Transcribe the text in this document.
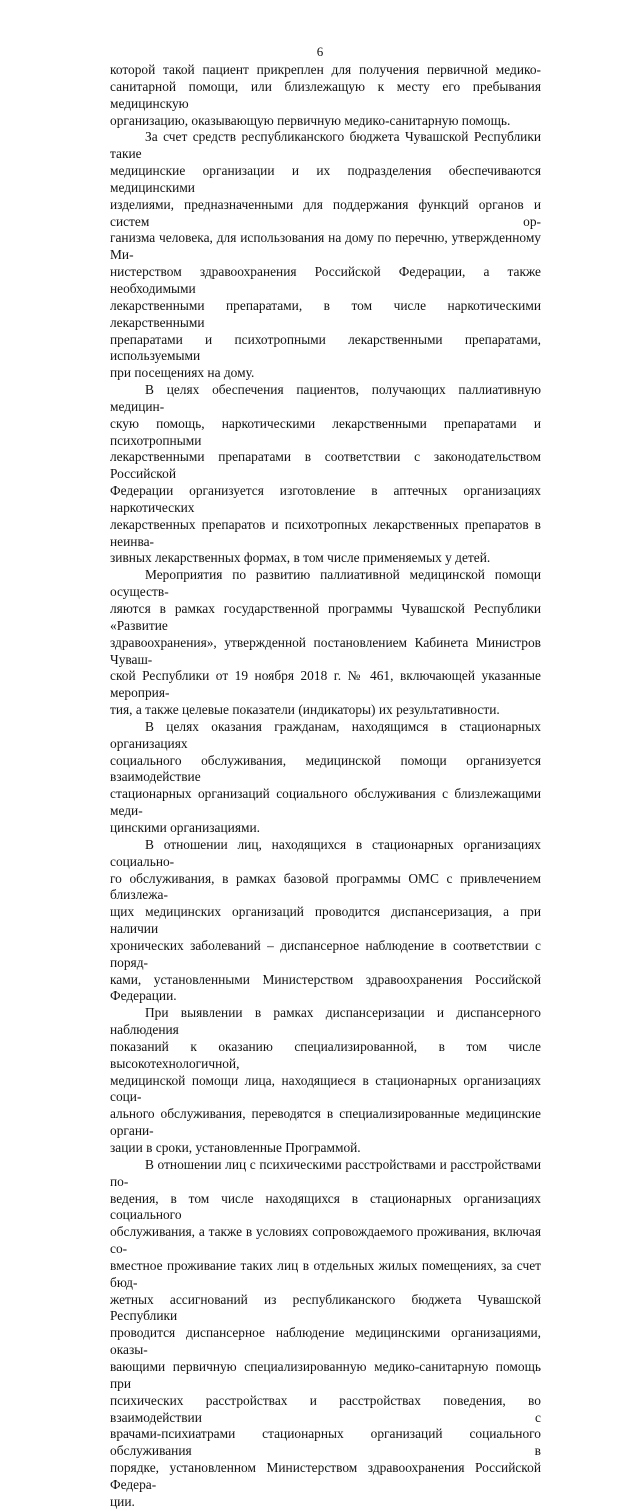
6

которой такой пациент прикреплен для получения первичной медико-
санитарной помощи, или близлежащую к месту его пребывания медицинскую
организацию, оказывающую первичную медико-санитарную помощь.

За счет средств республиканского бюджета Чувашской Республики такие
медицинские организации и их подразделения обеспечиваются медицинскими
изделиями, предназначенными для поддержания функций органов и систем ор-
ганизма человека, для использования на дому по перечню, утвержденному Ми-
нистерством здравоохранения Российской Федерации, а также необходимыми
лекарственными препаратами, в том числе наркотическими лекарственными
препаратами и психотропными лекарственными препаратами, используемыми
при посещениях на дому.

В целях обеспечения пациентов, получающих паллиативную медицин-
скую помощь, наркотическими лекарственными препаратами и психотропными
лекарственными препаратами в соответствии с законодательством Российской
Федерации организуется изготовление в аптечных организациях наркотических
лекарственных препаратов и психотропных лекарственных препаратов в неинва-
зивных лекарственных формах, в том числе применяемых у детей.

Мероприятия по развитию паллиативной медицинской помощи осуществ-
ляются в рамках государственной программы Чувашской Республики «Развитие
здравоохранения», утвержденной постановлением Кабинета Министров Чуваш-
ской Республики от 19 ноября 2018 г. № 461, включающей указанные мероприя-
тия, а также целевые показатели (индикаторы) их результативности.

В целях оказания гражданам, находящимся в стационарных организациях
социального обслуживания, медицинской помощи организуется взаимодействие
стационарных организаций социального обслуживания с близлежащими меди-
цинскими организациями.

В отношении лиц, находящихся в стационарных организациях социально-
го обслуживания, в рамках базовой программы ОМС с привлечением близлежа-
щих медицинских организаций проводится диспансеризация, а при наличии
хронических заболеваний – диспансерное наблюдение в соответствии с поряд-
ками, установленными Министерством здравоохранения Российской Федерации.

При выявлении в рамках диспансеризации и диспансерного наблюдения
показаний к оказанию специализированной, в том числе высокотехнологичной,
медицинской помощи лица, находящиеся в стационарных организациях соци-
ального обслуживания, переводятся в специализированные медицинские органи-
зации в сроки, установленные Программой.

В отношении лиц с психическими расстройствами и расстройствами по-
ведения, в том числе находящихся в стационарных организациях социального
обслуживания, а также в условиях сопровождаемого проживания, включая со-
вместное проживание таких лиц в отдельных жилых помещениях, за счет бюд-
жетных ассигнований из республиканского бюджета Чувашской Республики
проводится диспансерное наблюдение медицинскими организациями, оказы-
вающими первичную специализированную медико-санитарную помощь при
психических расстройствах и расстройствах поведения, во взаимодействии с
врачами-психиатрами стационарных организаций социального обслуживания в
порядке, установленном Министерством здравоохранения Российской Федера-
ции.
